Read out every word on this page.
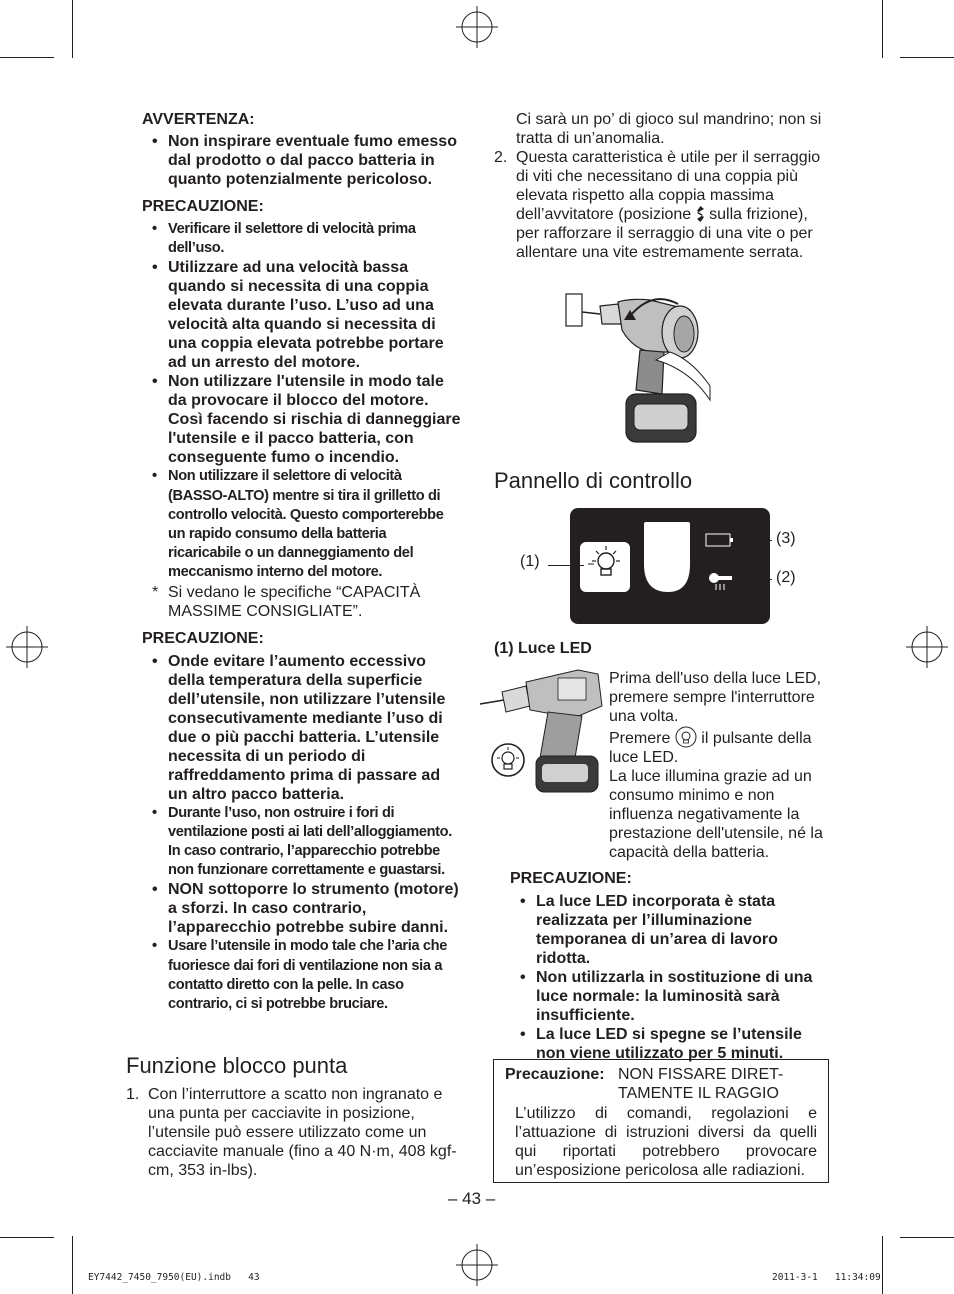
AVVERTENZA:
• Non inspirare eventuale fumo emesso dal prodotto o dal pacco batteria in quanto potenzialmente pericoloso.
PRECAUZIONE:
• Verificare il selettore di velocità prima dell’uso.
• Utilizzare ad una velocità bassa quando si necessita di una coppia elevata durante l’uso. L’uso ad una velocità alta quando si necessita di una coppia elevata potrebbe portare ad un arresto del motore.
• Non utilizzare l'utensile in modo tale da provocare il blocco del motore. Così facendo si rischia di danneggiare l'utensile e il pacco batteria, con conseguente fumo o incendio.
• Non utilizzare il selettore di velocità (BASSO-ALTO) mentre si tira il grilletto di controllo velocità. Questo comporterebbe un rapido consumo della batteria ricaricabile o un danneggiamento del meccanismo interno del motore.
* Si vedano le specifiche “CAPACITÀ MASSIME CONSIGLIATE”.
PRECAUZIONE:
• Onde evitare l’aumento eccessivo della temperatura della superficie dell’utensile, non utilizzare l’utensile consecutivamente mediante l’uso di due o più pacchi batteria. L’utensile necessita di un periodo di raffreddamento prima di passare ad un altro pacco batteria.
• Durante l’uso, non ostruire i fori di ventilazione posti ai lati dell’alloggiamento. In caso contrario, l’apparecchio potrebbe non funzionare correttamente e guastarsi.
• NON sottoporre lo strumento (motore) a sforzi. In caso contrario, l’apparecchio potrebbe subire danni.
• Usare l’utensile in modo tale che l’aria che fuoriesce dai fori di ventilazione non sia a contatto diretto con la pelle. In caso contrario, ci si potrebbe bruciare.
Funzione blocco punta
1. Con l’interruttore a scatto non ingranato e una punta per cacciavite in posizione, l’utensile può essere utilizzato come un cacciavite manuale (fino a 40 N·m, 408 kgf-cm, 353 in-lbs).
Ci sarà un po’ di gioco sul mandrino; non si tratta di un’anomalia.
2. Questa caratteristica è utile per il serraggio di viti che necessitano di una coppia più elevata rispetto alla coppia massima dell’avvitatore (posizione sulla frizione), per rafforzare il serraggio di una vite o per allentare una vite estremamente serrata.
Pannello di controllo
(1)
(3)
(2)
(1) Luce LED
Prima dell'uso della luce LED, premere sempre l'interruttore una volta.
Premere il pulsante della luce LED.
La luce illumina grazie ad un consumo minimo e non influenza negativamente la prestazione dell'utensile, né la capacità della batteria.
PRECAUZIONE:
• La luce LED incorporata è stata realizzata per l’illuminazione temporanea di un’area di lavoro ridotta.
• Non utilizzarla in sostituzione di una luce normale: la luminosità sarà insufficiente.
• La luce LED si spegne se l’utensile non viene utilizzato per 5 minuti.
Precauzione: NON FISSARE DIRET-
TAMENTE IL RAGGIO
L’utilizzo di comandi, regolazioni e l’attuazione di istruzioni diversi da quelli qui riportati potrebbero provocare un’esposizione pericolosa alle radiazioni.
– 43 –
EY7442_7450_7950(EU).indb   43	2011-3-1   11:34:09
